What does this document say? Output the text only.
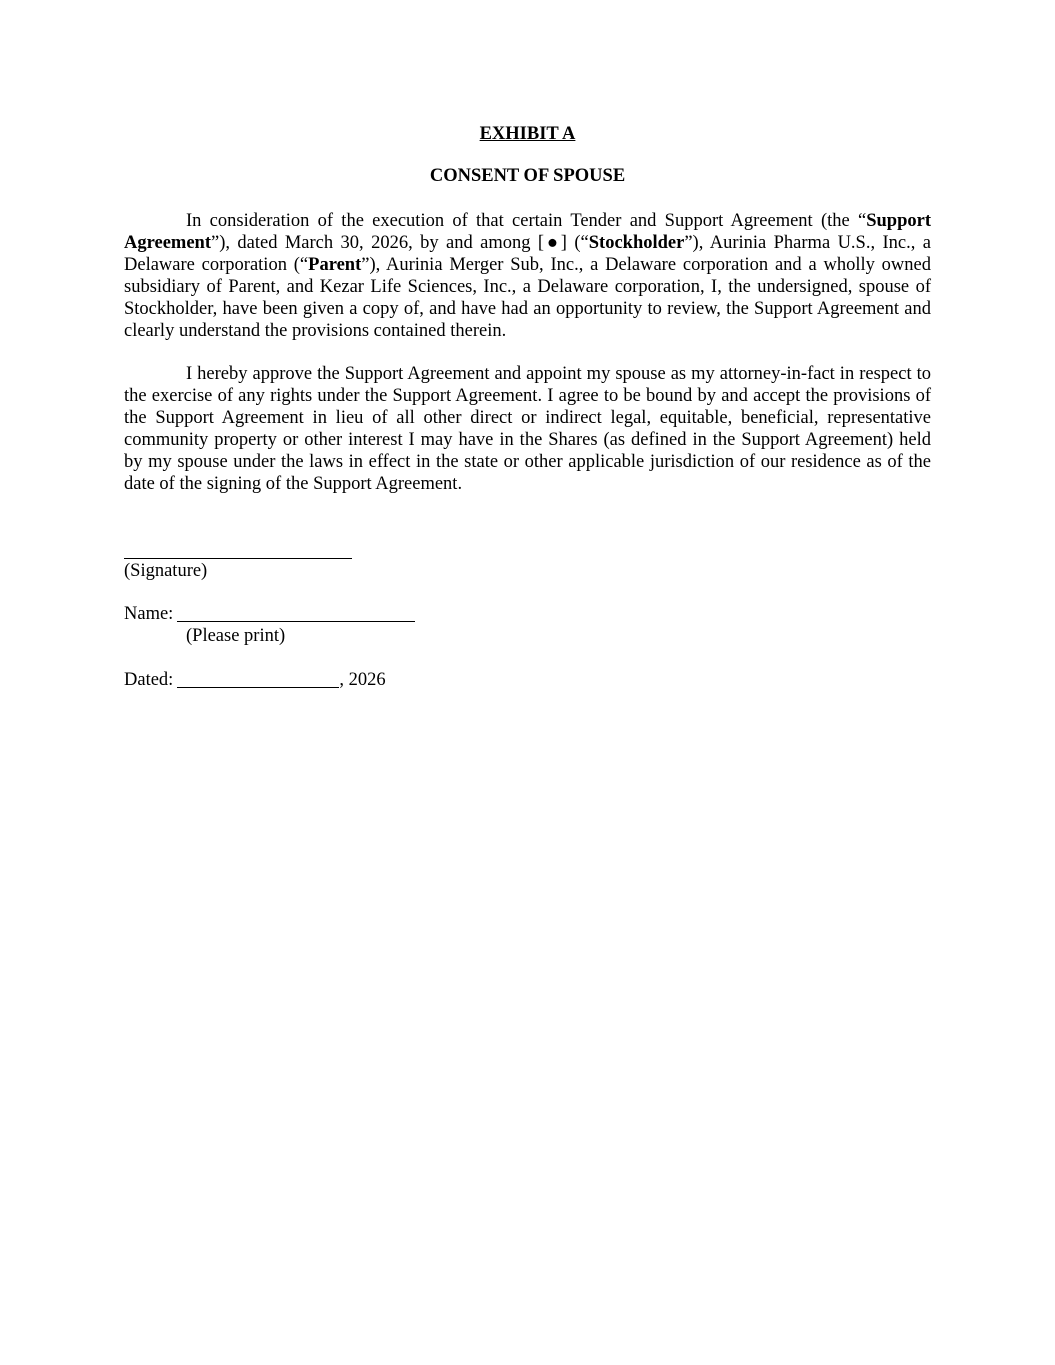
EXHIBIT A

CONSENT OF SPOUSE

In consideration of the execution of that certain Tender and Support Agreement (the “Support Agreement”), dated March 30, 2026, by and among [●] (“Stockholder”), Aurinia Pharma U.S., Inc., a Delaware corporation (“Parent”), Aurinia Merger Sub, Inc., a Delaware corporation and a wholly owned subsidiary of Parent, and Kezar Life Sciences, Inc., a Delaware corporation, I, the undersigned, spouse of Stockholder, have been given a copy of, and have had an opportunity to review, the Support Agreement and clearly understand the provisions contained therein.

I hereby approve the Support Agreement and appoint my spouse as my attorney-in-fact in respect to the exercise of any rights under the Support Agreement. I agree to be bound by and accept the provisions of the Support Agreement in lieu of all other direct or indirect legal, equitable, beneficial, representative community property or other interest I may have in the Shares (as defined in the Support Agreement) held by my spouse under the laws in effect in the state or other applicable jurisdiction of our residence as of the date of the signing of the Support Agreement.

(Signature)
Name:
(Please print)
Dated:	, 2026
